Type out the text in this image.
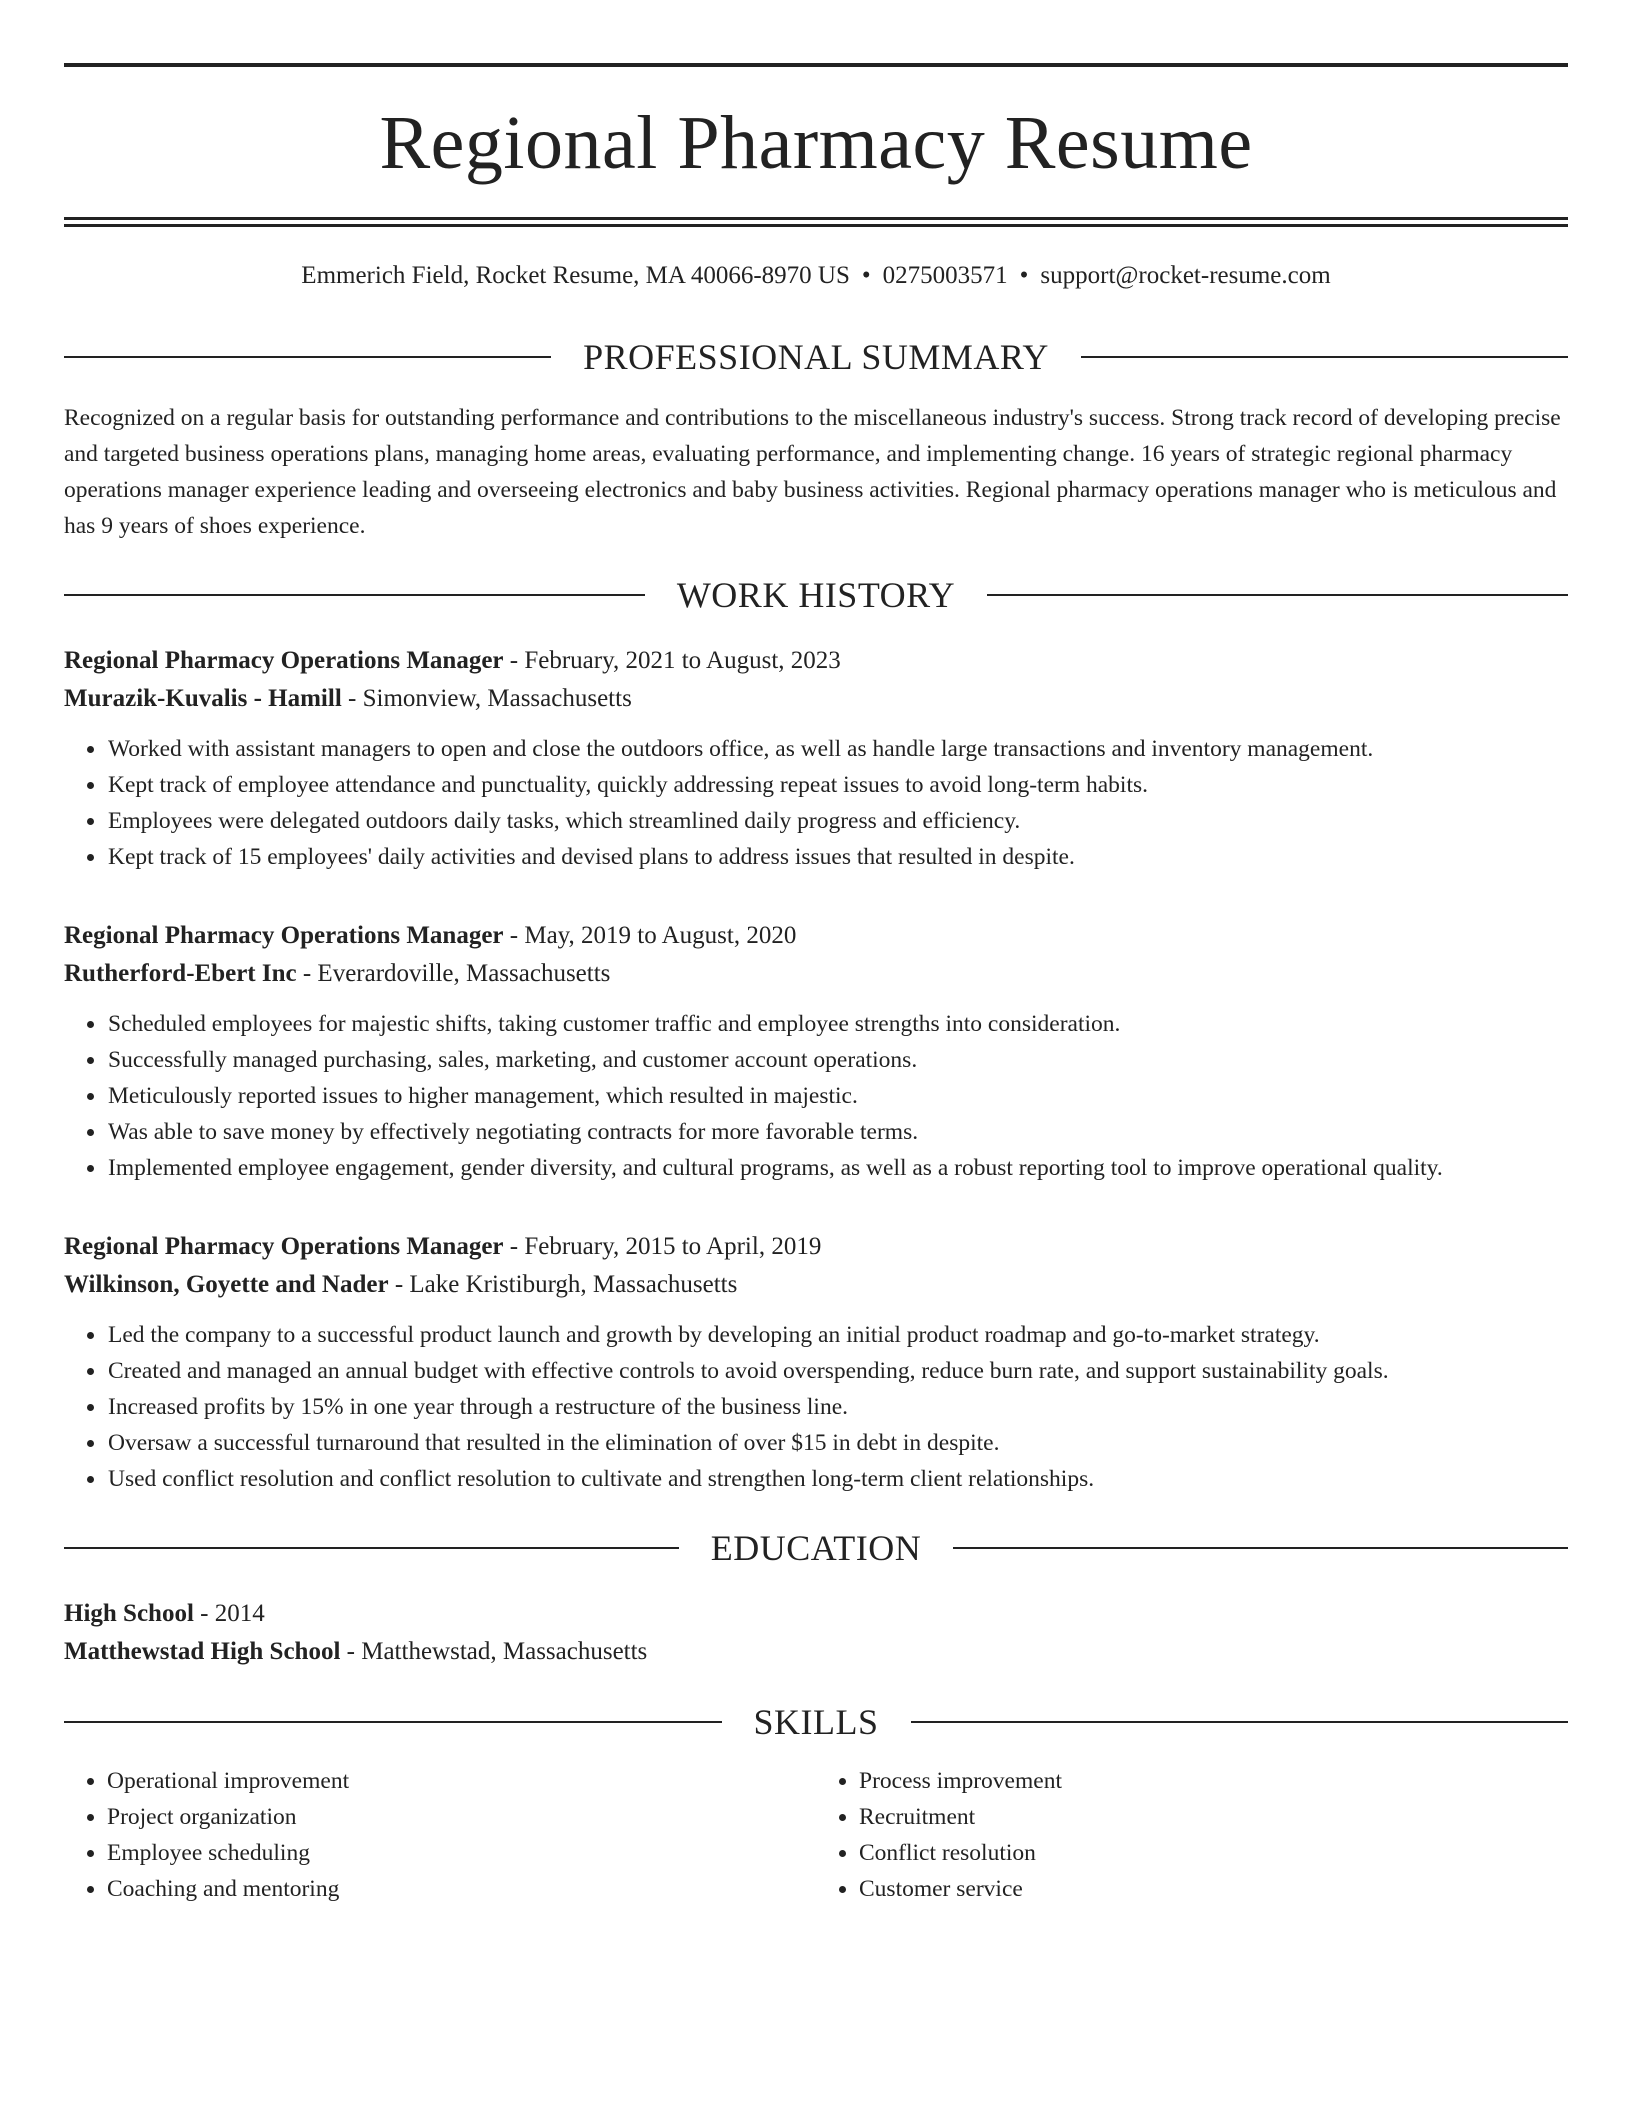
Regional Pharmacy Resume
Emmerich Field, Rocket Resume, MA 40066-8970 US • 0275003571 • support@rocket-resume.com
PROFESSIONAL SUMMARY
Recognized on a regular basis for outstanding performance and contributions to the miscellaneous industry's success. Strong track record of developing precise and targeted business operations plans, managing home areas, evaluating performance, and implementing change. 16 years of strategic regional pharmacy operations manager experience leading and overseeing electronics and baby business activities. Regional pharmacy operations manager who is meticulous and has 9 years of shoes experience.
WORK HISTORY
Regional Pharmacy Operations Manager - February, 2021 to August, 2023
Murazik-Kuvalis - Hamill - Simonview, Massachusetts
• Worked with assistant managers to open and close the outdoors office, as well as handle large transactions and inventory management.
• Kept track of employee attendance and punctuality, quickly addressing repeat issues to avoid long-term habits.
• Employees were delegated outdoors daily tasks, which streamlined daily progress and efficiency.
• Kept track of 15 employees' daily activities and devised plans to address issues that resulted in despite.
Regional Pharmacy Operations Manager - May, 2019 to August, 2020
Rutherford-Ebert Inc - Everardoville, Massachusetts
• Scheduled employees for majestic shifts, taking customer traffic and employee strengths into consideration.
• Successfully managed purchasing, sales, marketing, and customer account operations.
• Meticulously reported issues to higher management, which resulted in majestic.
• Was able to save money by effectively negotiating contracts for more favorable terms.
• Implemented employee engagement, gender diversity, and cultural programs, as well as a robust reporting tool to improve operational quality.
Regional Pharmacy Operations Manager - February, 2015 to April, 2019
Wilkinson, Goyette and Nader - Lake Kristiburgh, Massachusetts
• Led the company to a successful product launch and growth by developing an initial product roadmap and go-to-market strategy.
• Created and managed an annual budget with effective controls to avoid overspending, reduce burn rate, and support sustainability goals.
• Increased profits by 15% in one year through a restructure of the business line.
• Oversaw a successful turnaround that resulted in the elimination of over $15 in debt in despite.
• Used conflict resolution and conflict resolution to cultivate and strengthen long-term client relationships.
EDUCATION
High School - 2014
Matthewstad High School - Matthewstad, Massachusetts
SKILLS
• Operational improvement
• Project organization
• Employee scheduling
• Coaching and mentoring
• Process improvement
• Recruitment
• Conflict resolution
• Customer service
